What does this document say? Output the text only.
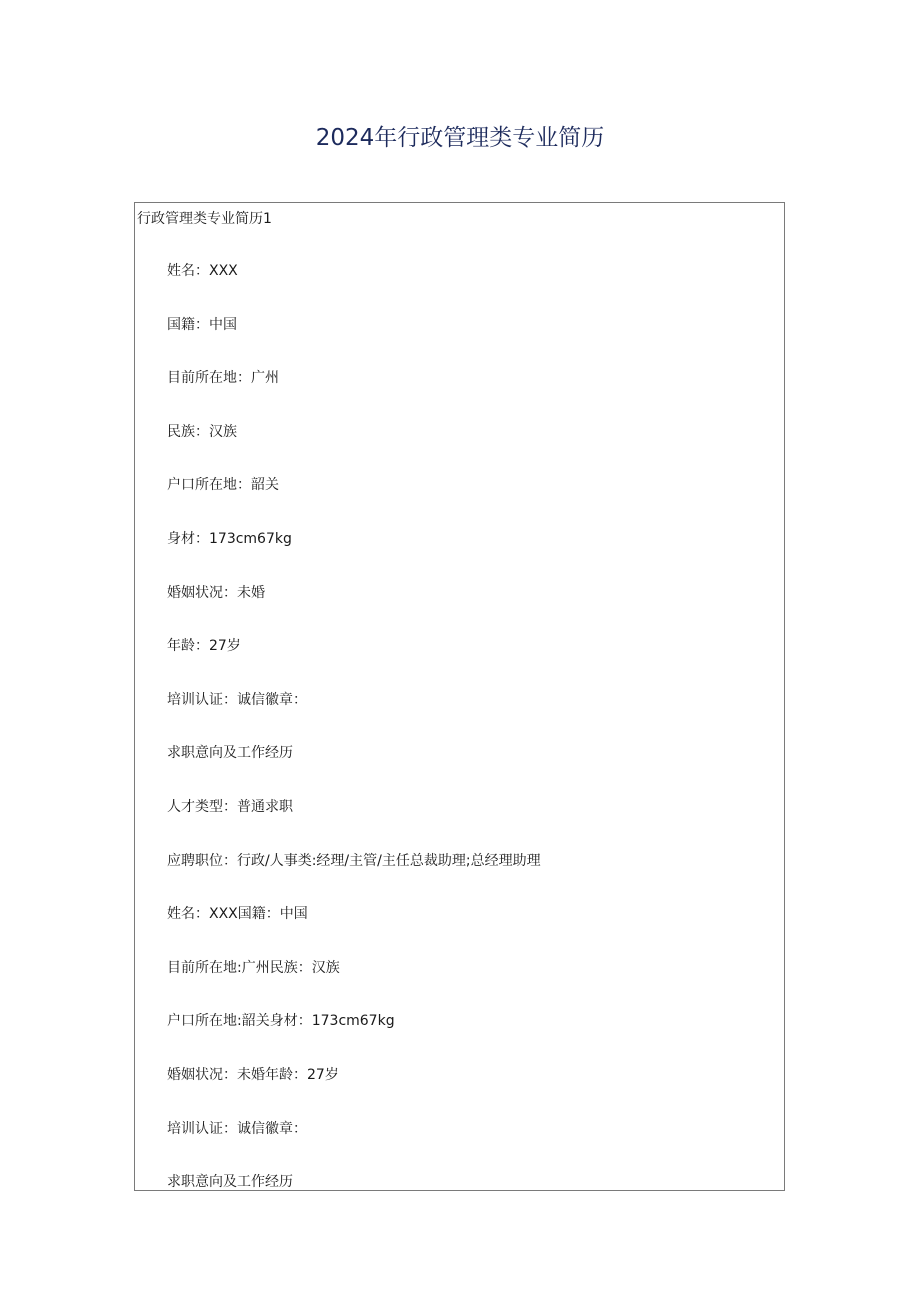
2024年行政管理类专业简历

行政管理类专业简历1

姓名：XXX
国籍：中国
目前所在地：广州
民族：汉族
户口所在地：韶关
身材：173cm67kg
婚姻状况：未婚
年龄：27岁
培训认证：诚信徽章：
求职意向及工作经历
人才类型：普通求职
应聘职位：行政/人事类:经理/主管/主任总裁助理;总经理助理
姓名：XXX国籍：中国
目前所在地:广州民族：汉族
户口所在地:韶关身材：173cm67kg
婚姻状况：未婚年龄：27岁
培训认证：诚信徽章：
求职意向及工作经历
